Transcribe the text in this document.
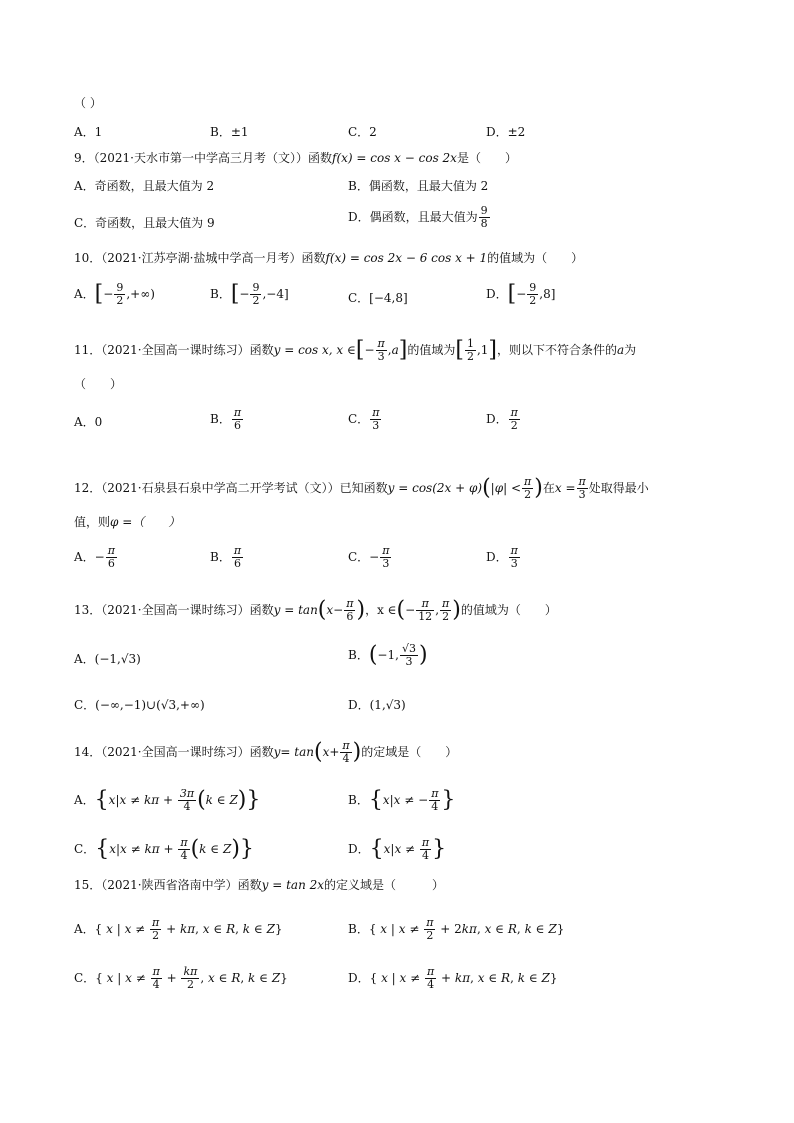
（ ）
A．1	B．±1	C．2	D．±2
9．（2021·天水市第一中学高三月考（文））函数f(x) = cos x − cos 2x是（　　）
A．奇函数，且最大值为 2	B．偶函数，且最大值为 2
C．奇函数，且最大值为 9	D．偶函数，且最大值为 $\frac{9}{8}$
10．（2021·江苏亭湖·盐城中学高一月考）函数f(x) = cos 2x − 6 cos x + 1的值域为（　　）
A．[− $\frac{9}{2}$ ,+∞)	B．[− $\frac{9}{2} ,-4$]	C．[−4,8]	D．[− $\frac{9}{2} ,8$]
11．（2021·全国高一课时练习）函数y = cos x, x ∈[− $\frac{\pi}{3} ,a$]的值域为[ $\frac{1}{2} ,1$]，则以下不符合条件的a为
（　　）
A．0	B． $\frac{\pi}{6}$	C． $\frac{\pi}{3}$	D． $\frac{\pi}{2}$
12．（2021·石泉县石泉中学高二开学考试（文））已知函数$y = \cos(2x + \varphi)(|\varphi| < \frac{\pi}{2}$ )在$x = \frac{\pi}{3}$ 处取得最小
值，则φ =（　　）
A．− $\frac{\pi}{6}$	B． $\frac{\pi}{6}$	C．− $\frac{\pi}{3}$	D． $\frac{\pi}{3}$
13．（2021·全国高一课时练习）函数$y = \tan(x- \frac{\pi}{6}$ )，x ∈(− $\frac{\pi}{12}$ , $\frac{\pi}{2}$ )的值域为（　　）
A．(−1,√3)	B．(−1, $\frac{√3}{3}$ )
C．(−∞,−1)∪(√3,+∞)	D．(1,√3)
14．（2021·全国高一课时练习）函数$y= \tan(x+ \frac{\pi}{4}$ )的定域是（　　）
A．{$x|x \ne k\pi + \frac{3\pi}{4} (k$ ∈ Z)}	B．{x|x ≠ − $\frac{\pi}{4}$ }
C．{$x|x \ne k\pi + \frac{\pi}{4} (k$ ∈ Z)}	D．{$x|x \ne \frac{\pi}{4}$ }
15．（2021·陕西省洛南中学）函数y = tan 2x的定义域是（　　　）
A．{ x | $x \ne \frac{\pi}{2} + k\pi$, x ∈ R, k ∈ Z}	B．{ x | $x \ne \frac{\pi}{2} + 2k\pi$, x ∈ R, k ∈ Z}
C．{ x | $x \ne \frac{\pi}{4} + \frac{k\pi}{2}$ , x ∈ R, k ∈ Z}	D．{ x | $x \ne \frac{\pi}{4} + k\pi$, x ∈ R, k ∈ Z}
